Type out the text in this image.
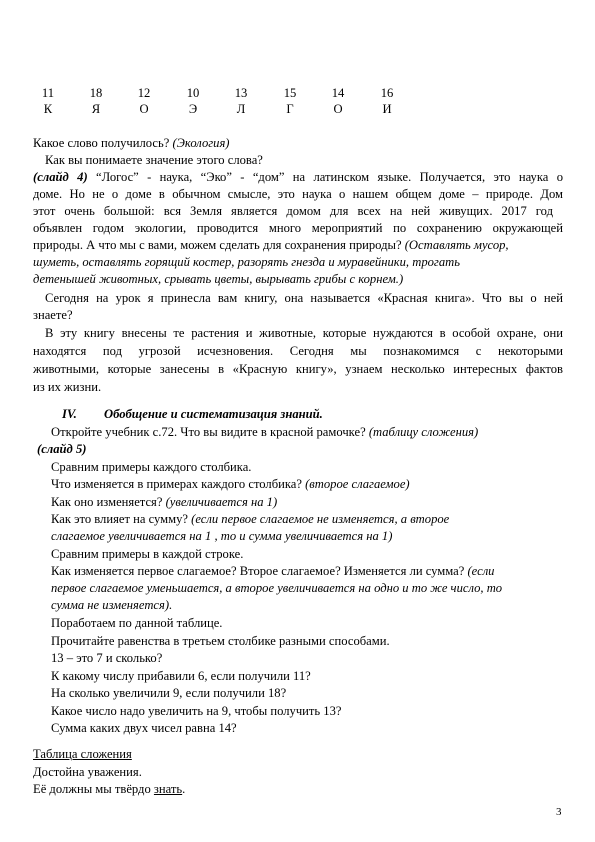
11	18	12	10	13	15	14	16
К	Я	О	Э	Л	Г	О	И
Какое слово получилось? (Экология)
Как вы понимаете значение этого слова?
(слайд 4) “Логос” - наука, “Эко” - “дом” на латинском языке. Получается, это наука о
доме. Но не о доме в обычном смысле, это наука о нашем общем доме – природе. Дом
этот очень большой: вся Земля является домом для всех на ней живущих. 2017 год
объявлен годом экологии, проводится много мероприятий по сохранению окружающей
природы. А что мы с вами, можем сделать для сохранения природы? (Оставлять мусор,
шуметь, оставлять горящий костер, разорять гнезда и муравейники, трогать
детенышей животных, срывать цветы, вырывать грибы с корнем.)
Сегодня на урок я принесла вам книгу, она называется «Красная книга». Что вы о ней
знаете?
В эту книгу внесены те растения и животные, которые нуждаются в особой охране, они
находятся под угрозой исчезновения. Сегодня мы познакомимся с некоторыми
животными, которые занесены в «Красную книгу», узнаем несколько интересных фактов
из их жизни.
IV. Обобщение и систематизация знаний.
Откройте учебник с.72. Что вы видите в красной рамочке? (таблицу сложения)
(слайд 5)
Сравним примеры каждого столбика.
Что изменяется в примерах каждого столбика? (второе слагаемое)
Как оно изменяется? (увеличивается на 1)
Как это влияет на сумму? (если первое слагаемое не изменяется, а второе
слагаемое увеличивается на 1 , то и сумма увеличивается на 1)
Сравним примеры в каждой строке.
Как изменяется первое слагаемое? Второе слагаемое? Изменяется ли сумма? (если
первое слагаемое уменьшается, а второе увеличивается на одно и то же число, то
сумма не изменяется).
Поработаем по данной таблице.
Прочитайте равенства в третьем столбике разными способами.
13 – это 7 и сколько?
К какому числу прибавили 6, если получили 11?
На сколько увеличили 9, если получили 18?
Какое число надо увеличить на 9, чтобы получить 13?
Сумма каких двух чисел равна 14?
Таблица сложения
Достойна уважения.
Её должны мы твёрдо знать.
3
